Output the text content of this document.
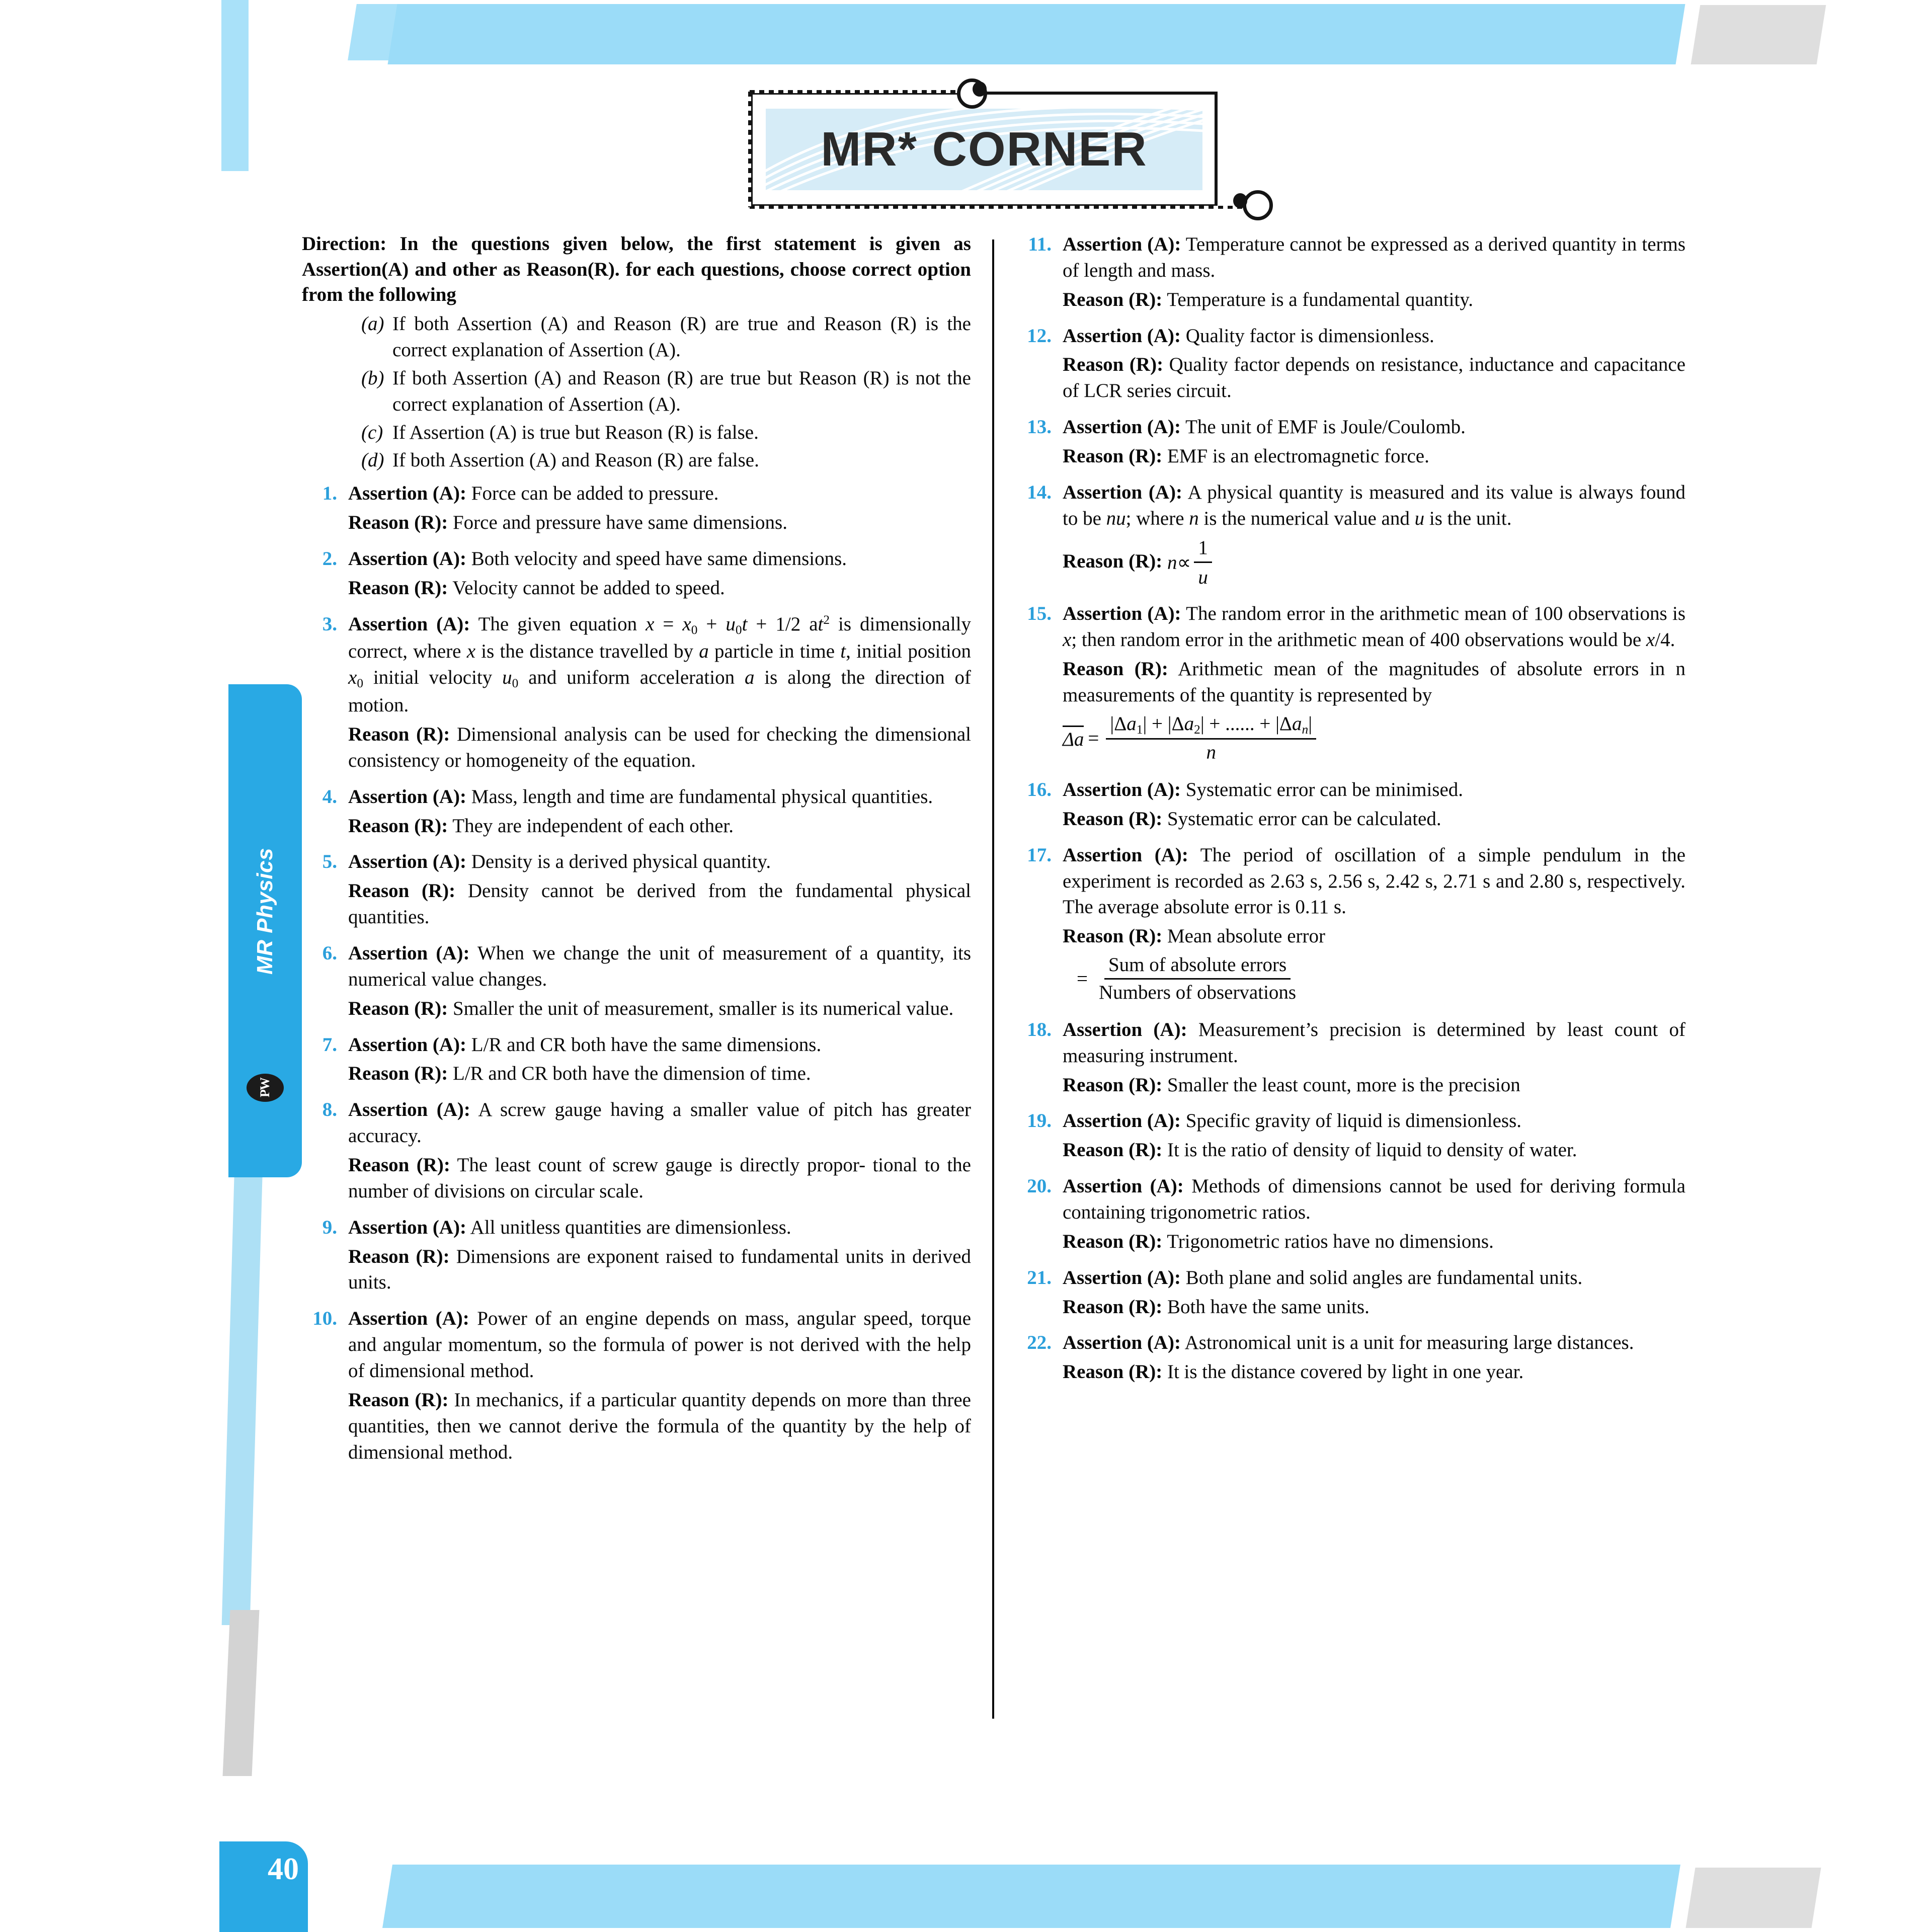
MR Physics
PW
40
MR* CORNER
Direction: In the questions given below, the first statement is given as Assertion(A) and other as Reason(R). for each questions, choose correct option from the following
(a) If both Assertion (A) and Reason (R) are true and Reason (R) is the correct explanation of Assertion (A).
(b) If both Assertion (A) and Reason (R) are true but Reason (R) is not the correct explanation of Assertion (A).
(c) If Assertion (A) is true but Reason (R) is false.
(d) If both Assertion (A) and Reason (R) are false.
1. Assertion (A): Force can be added to pressure.
Reason (R): Force and pressure have same dimensions.
2. Assertion (A): Both velocity and speed have same dimensions.
Reason (R): Velocity cannot be added to speed.
3. Assertion (A): The given equation $x = x_0 + u_0t + 1/2$ $at^2$ is dimensionally correct, where x is the distance travelled by a particle in time t, initial position $x_0$ initial velocity $u_0$ and uniform acceleration a is along the direction of motion.
Reason (R): Dimensional analysis can be used for checking the dimensional consistency or homogeneity of the equation.
4. Assertion (A): Mass, length and time are fundamental physical quantities.
Reason (R): They are independent of each other.
5. Assertion (A): Density is a derived physical quantity.
Reason (R): Density cannot be derived from the fundamental physical quantities.
6. Assertion (A): When we change the unit of measurement of a quantity, its numerical value changes.
Reason (R): Smaller the unit of measurement, smaller is its numerical value.
7. Assertion (A): L/R and CR both have the same dimensions.
Reason (R): L/R and CR both have the dimension of time.
8. Assertion (A): A screw gauge having a smaller value of pitch has greater accuracy.
Reason (R): The least count of screw gauge is directly propor- tional to the number of divisions on circular scale.
9. Assertion (A): All unitless quantities are dimensionless.
Reason (R): Dimensions are exponent raised to fundamental units in derived units.
10. Assertion (A): Power of an engine depends on mass, angular speed, torque and angular momentum, so the formula of power is not derived with the help of dimensional method.
Reason (R): In mechanics, if a particular quantity depends on more than three quantities, then we cannot derive the formula of the quantity by the help of dimensional method.
11. Assertion (A): Temperature cannot be expressed as a derived quantity in terms of length and mass.
Reason (R): Temperature is a fundamental quantity.
12. Assertion (A): Quality factor is dimensionless.
Reason (R): Quality factor depends on resistance, inductance and capacitance of LCR series circuit.
13. Assertion (A): The unit of EMF is Joule/Coulomb.
Reason (R): EMF is an electromagnetic force.
14. Assertion (A): A physical quantity is measured and its value is always found to be nu; where n is the numerical value and u is the unit.
Reason (R): $n \propto \frac{1}{u}$
15. Assertion (A): The random error in the arithmetic mean of 100 observations is x; then random error in the arithmetic mean of 400 observations would be x/4.
Reason (R): Arithmetic mean of the magnitudes of absolute errors in n measurements of the quantity is represented by
$\Delta a = \frac{|\Delta a_1| + |\Delta a_2| + ...... + |\Delta a_n|}{n}$
16. Assertion (A): Systematic error can be minimised.
Reason (R): Systematic error can be calculated.
17. Assertion (A): The period of oscillation of a simple pendulum in the experiment is recorded as 2.63 s, 2.56 s, 2.42 s, 2.71 s and 2.80 s, respectively. The average absolute error is 0.11 s.
Reason (R): Mean absolute error
= $\frac{\text{Sum of absolute errors}}{\text{Numbers of observations}}$
18. Assertion (A): Measurement’s precision is determined by least count of measuring instrument.
Reason (R): Smaller the least count, more is the precision
19. Assertion (A): Specific gravity of liquid is dimensionless.
Reason (R): It is the ratio of density of liquid to density of water.
20. Assertion (A): Methods of dimensions cannot be used for deriving formula containing trigonometric ratios.
Reason (R): Trigonometric ratios have no dimensions.
21. Assertion (A): Both plane and solid angles are fundamental units.
Reason (R): Both have the same units.
22. Assertion (A): Astronomical unit is a unit for measuring large distances.
Reason (R): It is the distance covered by light in one year.
